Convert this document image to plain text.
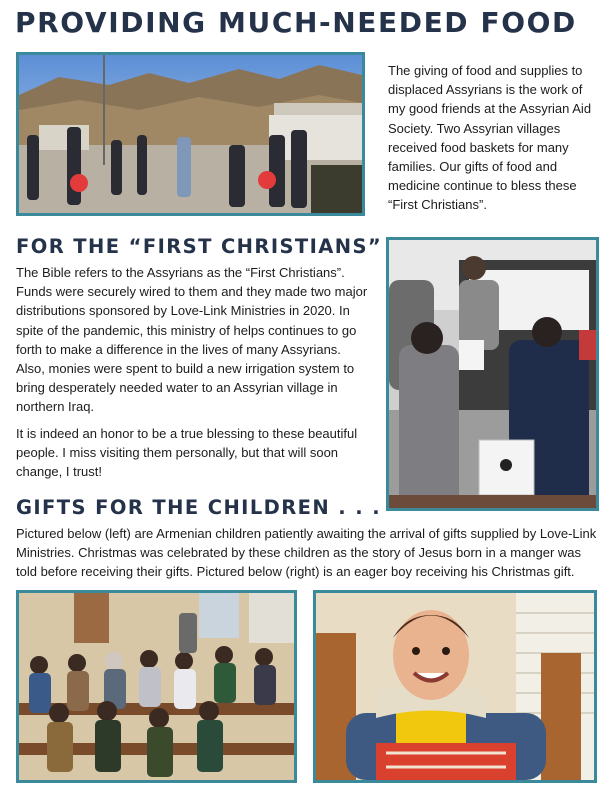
PROVIDING MUCH-NEEDED FOOD
The giving of food and supplies to displaced Assyrians is the work of my good friends at the Assyrian Aid Society. Two Assyrian villages received food baskets for many families. Our gifts of food and medicine continue to bless these “First Christians”.
FOR THE “FIRST CHRISTIANS”
The Bible refers to the Assyrians as the “First Christians”. Funds were securely wired to them and they made two major distributions sponsored by Love-Link Ministries in 2020. In spite of the pandemic, this ministry of helps continues to go forth to make a difference in the lives of many Assyrians. Also, monies were spent to build a new irrigation system to bring desperately needed water to an Assyrian village in northern Iraq.
It is indeed an honor to be a true blessing to these beautiful people. I miss visiting them personally, but that will soon change, I trust!
GIFTS FOR THE CHILDREN . . .
Pictured below (left) are Armenian children patiently awaiting the arrival of gifts supplied by Love-Link Ministries. Christmas was celebrated by these children as the story of Jesus born in a manger was told before receiving their gifts. Pictured below (right) is an eager boy receiving his Christmas gift.
